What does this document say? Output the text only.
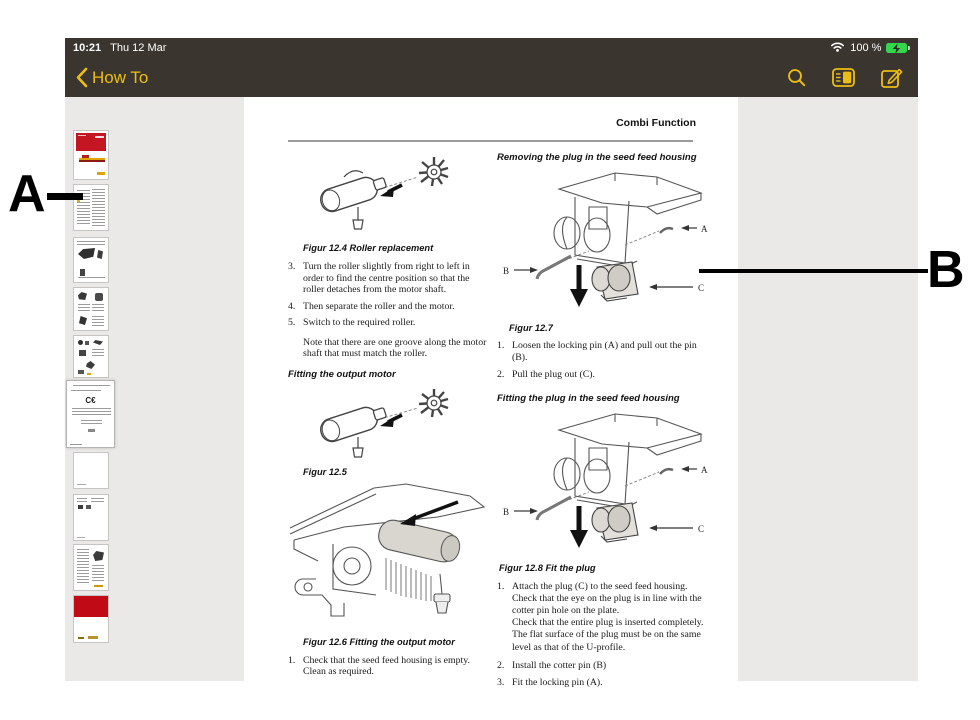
10:21 Thu 12 Mar	100 %
How To
C€
Combi Function
Figur 12.4 Roller replacement
3. Turn the roller slightly from right to left in order to find the centre position so that the roller detaches from the motor shaft.
4. Then separate the roller and the motor.
5. Switch to the required roller.
Note that there are one groove along the motor shaft that must match the roller.
Fitting the output motor
Figur 12.5
Figur 12.6 Fitting the output motor
1. Check that the seed feed housing is empty. Clean as required.
Removing the plug in the seed feed housing
A
B
C
Figur 12.7
1. Loosen the locking pin (A) and pull out the pin (B).
2. Pull the plug out (C).
Fitting the plug in the seed feed housing
A
B
C
Figur 12.8 Fit the plug
1. Attach the plug (C) to the seed feed housing. Check that the eye on the plug is in line with the cotter pin hole on the plate.
Check that the entire plug is inserted completely. The flat surface of the plug must be on the same level as that of the U-profile.
2. Install the cotter pin (B)
3. Fit the locking pin (A).
A
B
